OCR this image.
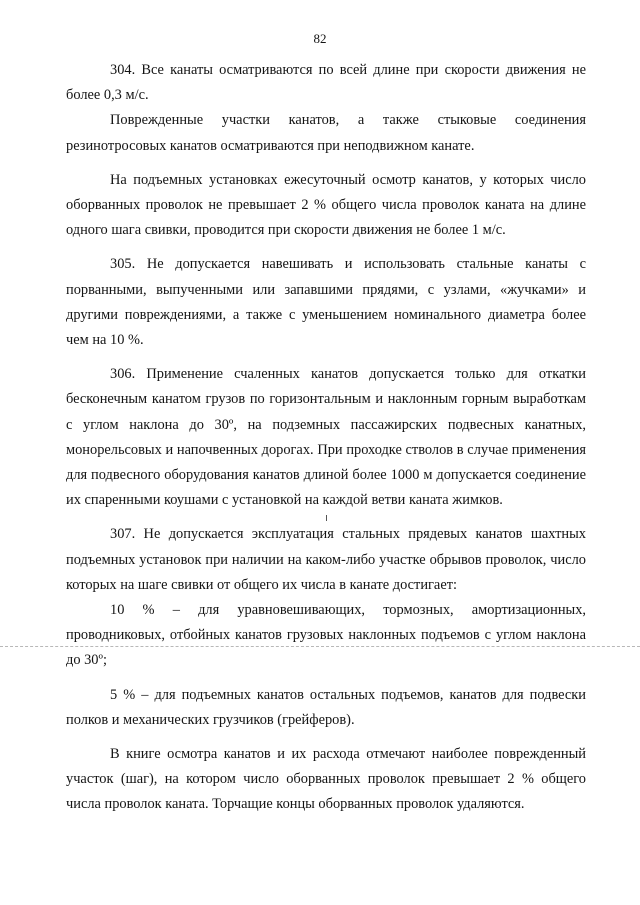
82

304. Все канаты осматриваются по всей длине при скорости движения не более 0,3 м/с.

Поврежденные участки канатов, а также стыковые соединения резинотросовых канатов осматриваются при неподвижном канате.

На подъемных установках ежесуточный осмотр канатов, у которых число оборванных проволок не превышает 2 % общего числа проволок каната на длине одного шага свивки, проводится при скорости движения не более 1 м/с.

305. Не допускается навешивать и использовать стальные канаты с порванными, выпученными или запавшими прядями, с узлами, «жучками» и другими повреждениями, а также с уменьшением номинального диаметра более чем на 10 %.

306. Применение счаленных канатов допускается только для откатки бесконечным канатом грузов по горизонтальным и наклонным горным выработкам с углом наклона до 30º, на подземных пассажирских подвесных канатных, монорельсовых и напочвенных дорогах. При проходке стволов в случае применения для подвесного оборудования канатов длиной более 1000 м допускается соединение их спаренными коушами с установкой на каждой ветви каната жимков.

307. Не допускается эксплуатация стальных прядевых канатов шахтных подъемных установок при наличии на каком-либо участке обрывов проволок, число которых на шаге свивки от общего их числа в канате достигает:

10 % – для уравновешивающих, тормозных, амортизационных, проводниковых, отбойных канатов грузовых наклонных подъемов с углом наклона до 30º;

5 % – для подъемных канатов остальных подъемов, канатов для подвески полков и механических грузчиков (грейферов).

В книге осмотра канатов и их расхода отмечают наиболее поврежденный участок (шаг), на котором число оборванных проволок превышает 2 % общего числа проволок каната. Торчащие концы оборванных проволок удаляются.
